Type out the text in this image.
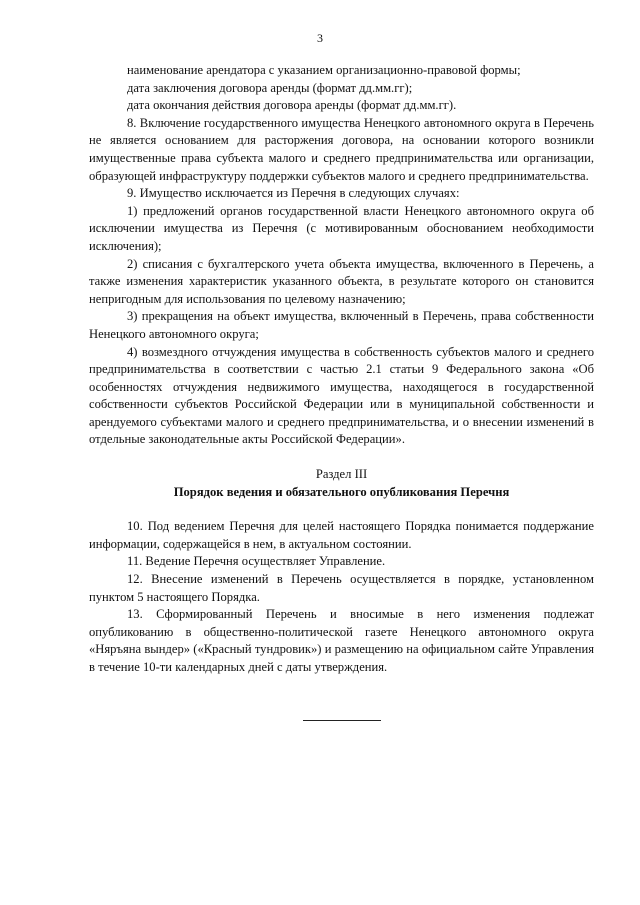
3

наименование арендатора с указанием организационно-правовой формы;

дата заключения договора аренды (формат дд.мм.гг);

дата окончания действия договора аренды (формат дд.мм.гг).

8. Включение государственного имущества Ненецкого автономного округа в Перечень не является основанием для расторжения договора, на основании которого возникли имущественные права субъекта малого и среднего предпринимательства или организации, образующей инфраструктуру поддержки субъектов малого и среднего предпринимательства.

9. Имущество исключается из Перечня в следующих случаях:

1) предложений органов государственной власти Ненецкого автономного округа об исключении имущества из Перечня (с мотивированным обоснованием необходимости исключения);

2) списания с бухгалтерского учета объекта имущества, включенного в Перечень, а также изменения характеристик указанного объекта, в результате которого он становится непригодным для использования по целевому назначению;

3) прекращения на объект имущества, включенный в Перечень, права собственности Ненецкого автономного округа;

4) возмездного отчуждения имущества в собственность субъектов малого и среднего предпринимательства в соответствии с частью 2.1 статьи 9 Федерального закона «Об особенностях отчуждения недвижимого имущества, находящегося в государственной собственности субъектов Российской Федерации или в муниципальной собственности и арендуемого субъектами малого и среднего предпринимательства, и о внесении изменений в отдельные законодательные акты Российской Федерации».

Раздел III

Порядок ведения и обязательного опубликования Перечня

10. Под ведением Перечня для целей настоящего Порядка понимается поддержание информации, содержащейся в нем, в актуальном состоянии.

11. Ведение Перечня осуществляет Управление.

12. Внесение изменений в Перечень осуществляется в порядке, установленном пунктом 5 настоящего Порядка.

13. Сформированный Перечень и вносимые в него изменения подлежат опубликованию в общественно-политической газете Ненецкого автономного округа «Няръяна вындер» («Красный тундровик») и размещению на официальном сайте Управления в течение 10-ти календарных дней с даты утверждения.
